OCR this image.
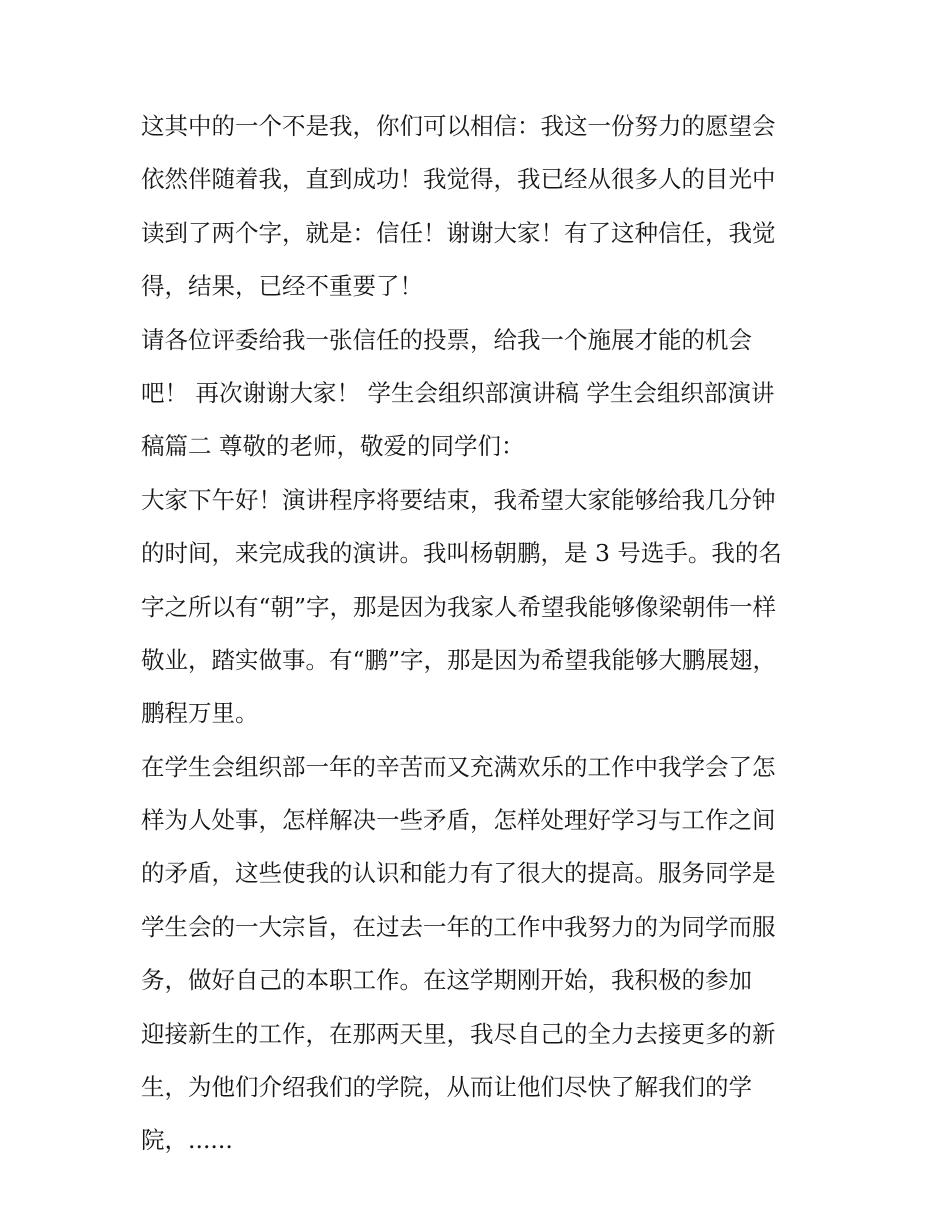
这其中的一个不是我，你们可以相信：我这一份努力的愿望会
依然伴随着我，直到成功！我觉得，我已经从很多人的目光中
读到了两个字，就是：信任！谢谢大家！有了这种信任，我觉
得，结果，已经不重要了！
请各位评委给我一张信任的投票，给我一个施展才能的机会
吧！ 再次谢谢大家！ 学生会组织部演讲稿 学生会组织部演讲
稿篇二 尊敬的老师，敬爱的同学们：
大家下午好！演讲程序将要结束，我希望大家能够给我几分钟
的时间，来完成我的演讲。我叫杨朝鹏，是 3 号选手。我的名
字之所以有“朝”字，那是因为我家人希望我能够像梁朝伟一样
敬业，踏实做事。有“鹏”字，那是因为希望我能够大鹏展翅，
鹏程万里。
在学生会组织部一年的辛苦而又充满欢乐的工作中我学会了怎
样为人处事，怎样解决一些矛盾，怎样处理好学习与工作之间
的矛盾，这些使我的认识和能力有了很大的提高。服务同学是
学生会的一大宗旨，在过去一年的工作中我努力的为同学而服
务，做好自己的本职工作。在这学期刚开始，我积极的参加
迎接新生的工作，在那两天里，我尽自己的全力去接更多的新
生，为他们介绍我们的学院，从而让他们尽快了解我们的学
院，......
